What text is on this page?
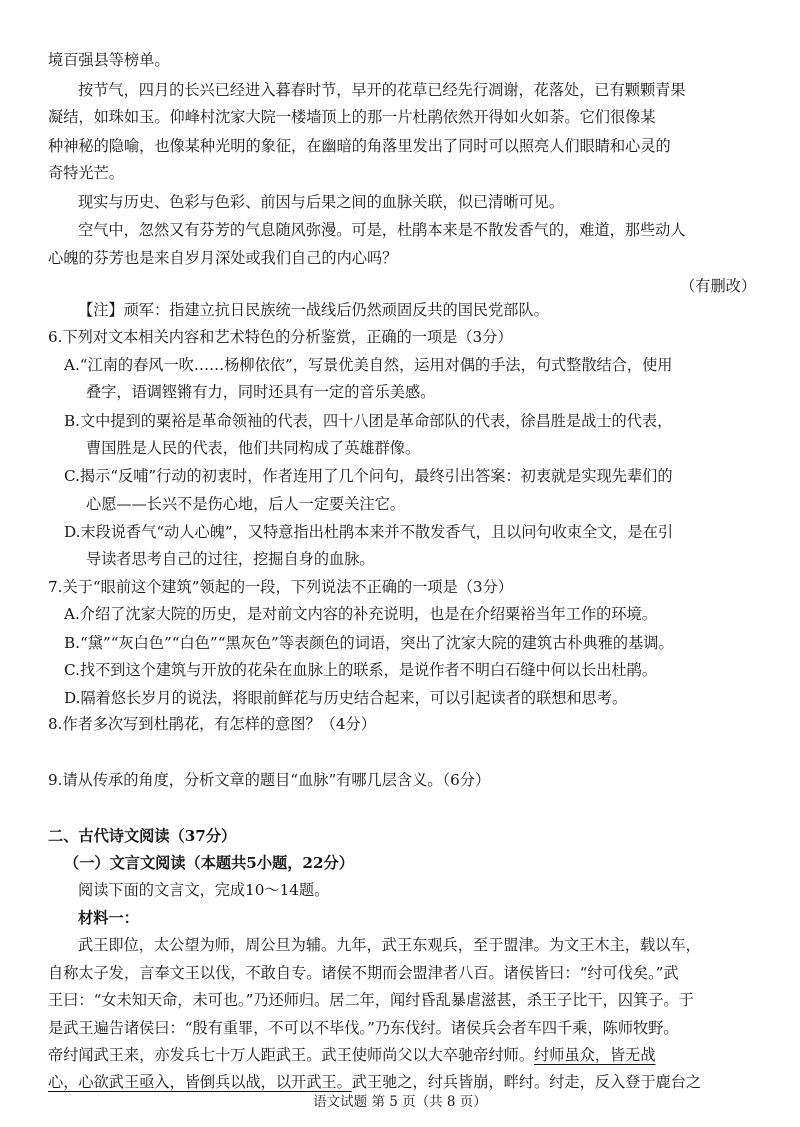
境百强县等榜单。
按节气，四月的长兴已经进入暮春时节，早开的花草已经先行凋谢，花落处，已有颗颗青果
凝结，如珠如玉。仰峰村沈家大院一楼墙顶上的那一片杜鹃依然开得如火如荼。它们很像某
种神秘的隐喻，也像某种光明的象征，在幽暗的角落里发出了同时可以照亮人们眼睛和心灵的
奇特光芒。
现实与历史、色彩与色彩、前因与后果之间的血脉关联，似已清晰可见。
空气中，忽然又有芬芳的气息随风弥漫。可是，杜鹃本来是不散发香气的，难道，那些动人
心魄的芬芳也是来自岁月深处或我们自己的内心吗？
（有删改）
【注】顽军：指建立抗日民族统一战线后仍然顽固反共的国民党部队。
6.下列对文本相关内容和艺术特色的分析鉴赏，正确的一项是（3分）
A.“江南的春风一吹……杨柳依依”，写景优美自然，运用对偶的手法，句式整散结合，使用
叠字，语调铿锵有力，同时还具有一定的音乐美感。
B.文中提到的粟裕是革命领袖的代表，四十八团是革命部队的代表，徐昌胜是战士的代表，
曹国胜是人民的代表，他们共同构成了英雄群像。
C.揭示“反哺”行动的初衷时，作者连用了几个问句，最终引出答案：初衷就是实现先辈们的
心愿——长兴不是伤心地，后人一定要关注它。
D.末段说香气“动人心魄”，又特意指出杜鹃本来并不散发香气，且以问句收束全文，是在引
导读者思考自己的过往，挖掘自身的血脉。
7.关于“眼前这个建筑”领起的一段，下列说法不正确的一项是（3分）
A.介绍了沈家大院的历史，是对前文内容的补充说明，也是在介绍粟裕当年工作的环境。
B.“黛”“灰白色”“白色”“黑灰色”等表颜色的词语，突出了沈家大院的建筑古朴典雅的基调。
C.找不到这个建筑与开放的花朵在血脉上的联系，是说作者不明白石缝中何以长出杜鹃。
D.隔着悠长岁月的说法，将眼前鲜花与历史结合起来，可以引起读者的联想和思考。
8.作者多次写到杜鹃花，有怎样的意图？（4分）
9.请从传承的角度，分析文章的题目“血脉”有哪几层含义。（6分）
二、古代诗文阅读（37分）
（一）文言文阅读（本题共5小题，22分）
阅读下面的文言文，完成10～14题。
材料一：
武王即位，太公望为师，周公旦为辅。九年，武王东观兵，至于盟津。为文王木主，载以车，
自称太子发，言奉文王以伐，不敢自专。诸侯不期而会盟津者八百。诸侯皆曰：“纣可伐矣。”武
王曰：“女未知天命，未可也。”乃还师归。居二年，闻纣昏乱暴虐滋甚，杀王子比干，囚箕子。于
是武王遍告诸侯曰：“殷有重罪，不可以不毕伐。”乃东伐纣。诸侯兵会者车四千乘，陈师牧野。
帝纣闻武王来，亦发兵七十万人距武王。武王使师尚父以大卒驰帝纣师。纣师虽众，皆无战
心，心欲武王亟入，皆倒兵以战，以开武王。武王驰之，纣兵皆崩，畔纣。纣走，反入登于鹿台之
语文试题 第 5 页（共 8 页）
